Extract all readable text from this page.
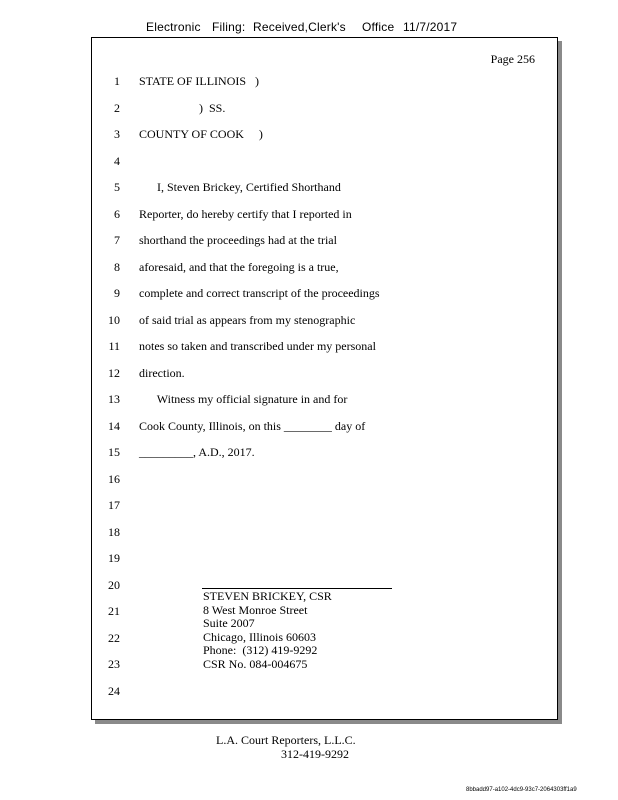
Electronic Filing: Received,Clerk's Office 11/7/2017
Page 256
STEVEN BRICKEY, CSR
8 West Monroe Street
Suite 2007
Chicago, Illinois 60603
Phone:  (312) 419-9292
CSR No. 084-004675
1 STATE OF ILLINOIS   )
2 )  SS.
3 COUNTY OF COOK     )
4
5 I, Steven Brickey, Certified Shorthand
6 Reporter, do hereby certify that I reported in
7 shorthand the proceedings had at the trial
8 aforesaid, and that the foregoing is a true,
9 complete and correct transcript of the proceedings
10 of said trial as appears from my stenographic
11 notes so taken and transcribed under my personal
12 direction.
13 Witness my official signature in and for
14 Cook County, Illinois, on this ________ day of
15 _________, A.D., 2017.
16
17
18
19
20
21
22
23
24
L.A. Court Reporters, L.L.C.
312-419-9292
8bbadd97-a102-4dc9-93c7-2064303ff1a9
